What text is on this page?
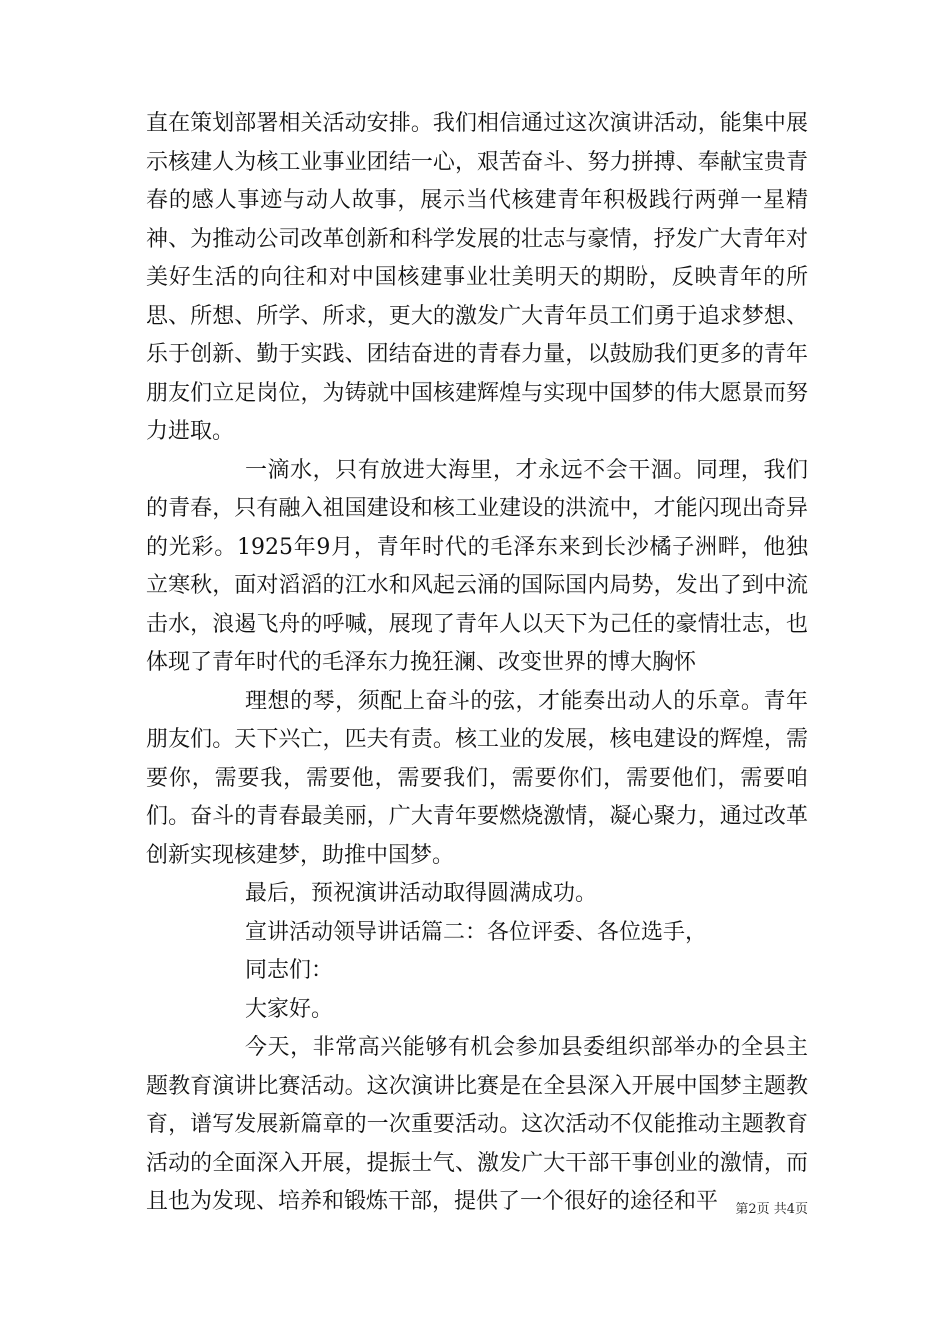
直在策划部署相关活动安排。我们相信通过这次演讲活动，能集中展示核建人为核工业事业团结一心，艰苦奋斗、努力拼搏、奉献宝贵青春的感人事迹与动人故事，展示当代核建青年积极践行两弹一星精神、为推动公司改革创新和科学发展的壮志与豪情，抒发广大青年对美好生活的向往和对中国核建事业壮美明天的期盼，反映青年的所思、所想、所学、所求，更大的激发广大青年员工们勇于追求梦想、乐于创新、勤于实践、团结奋进的青春力量，以鼓励我们更多的青年朋友们立足岗位，为铸就中国核建辉煌与实现中国梦的伟大愿景而努力进取。

一滴水，只有放进大海里，才永远不会干涸。同理，我们的青春，只有融入祖国建设和核工业建设的洪流中，才能闪现出奇异的光彩。1925年9月，青年时代的毛泽东来到长沙橘子洲畔，他独立寒秋，面对滔滔的江水和风起云涌的国际国内局势，发出了到中流击水，浪遏飞舟的呼喊，展现了青年人以天下为己任的豪情壮志，也体现了青年时代的毛泽东力挽狂澜、改变世界的博大胸怀

理想的琴，须配上奋斗的弦，才能奏出动人的乐章。青年朋友们。天下兴亡，匹夫有责。核工业的发展，核电建设的辉煌，需要你，需要我，需要他，需要我们，需要你们，需要他们，需要咱们。奋斗的青春最美丽，广大青年要燃烧激情，凝心聚力，通过改革创新实现核建梦，助推中国梦。

最后，预祝演讲活动取得圆满成功。

宣讲活动领导讲话篇二：各位评委、各位选手，

同志们：

大家好。

今天，非常高兴能够有机会参加县委组织部举办的全县主题教育演讲比赛活动。这次演讲比赛是在全县深入开展中国梦主题教育，谱写发展新篇章的一次重要活动。这次活动不仅能推动主题教育活动的全面深入开展，提振士气、激发广大干部干事创业的激情，而且也为发现、培养和锻炼干部，提供了一个很好的途径和平	第2页 共4页
